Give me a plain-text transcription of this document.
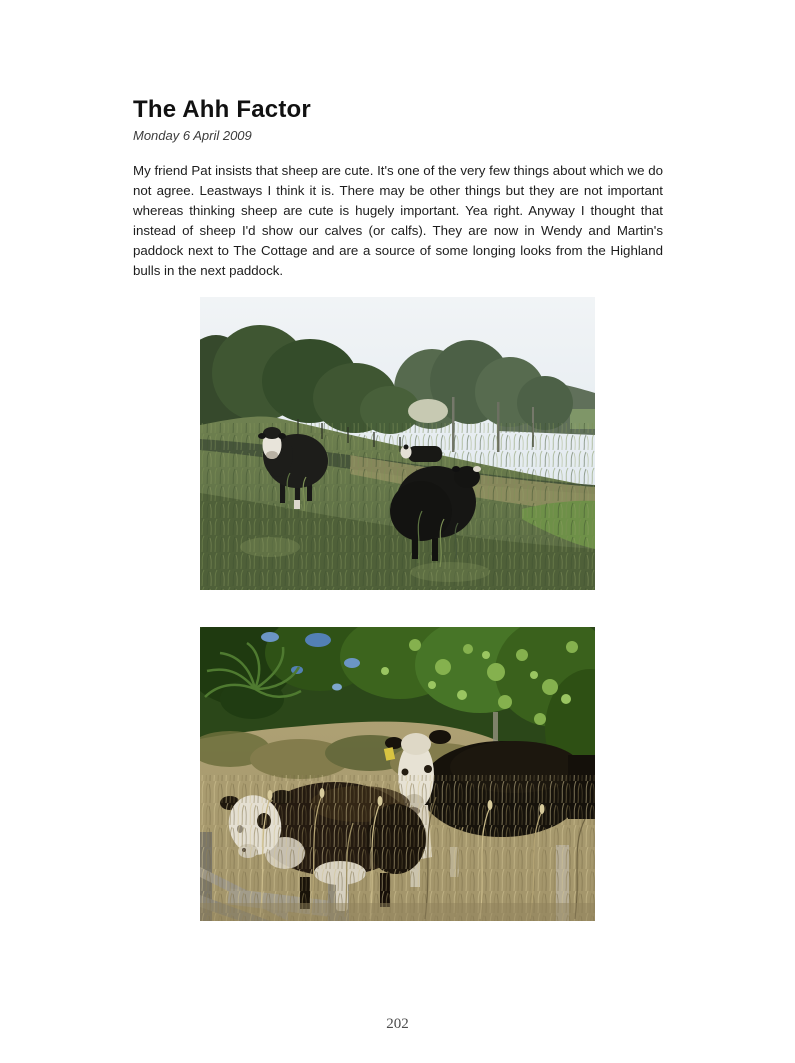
The Ahh Factor
Monday 6 April 2009

My friend Pat insists that sheep are cute. It's one of the very few things about which we do not agree. Leastways I think it is. There may be other things but they are not important whereas thinking sheep are cute is hugely important. Yea right. Anyway I thought that instead of sheep I'd show our calves (or calfs). They are now in Wendy and Martin's paddock next to The Cottage and are a source of some longing looks from the Highland bulls in the next paddock.

202
